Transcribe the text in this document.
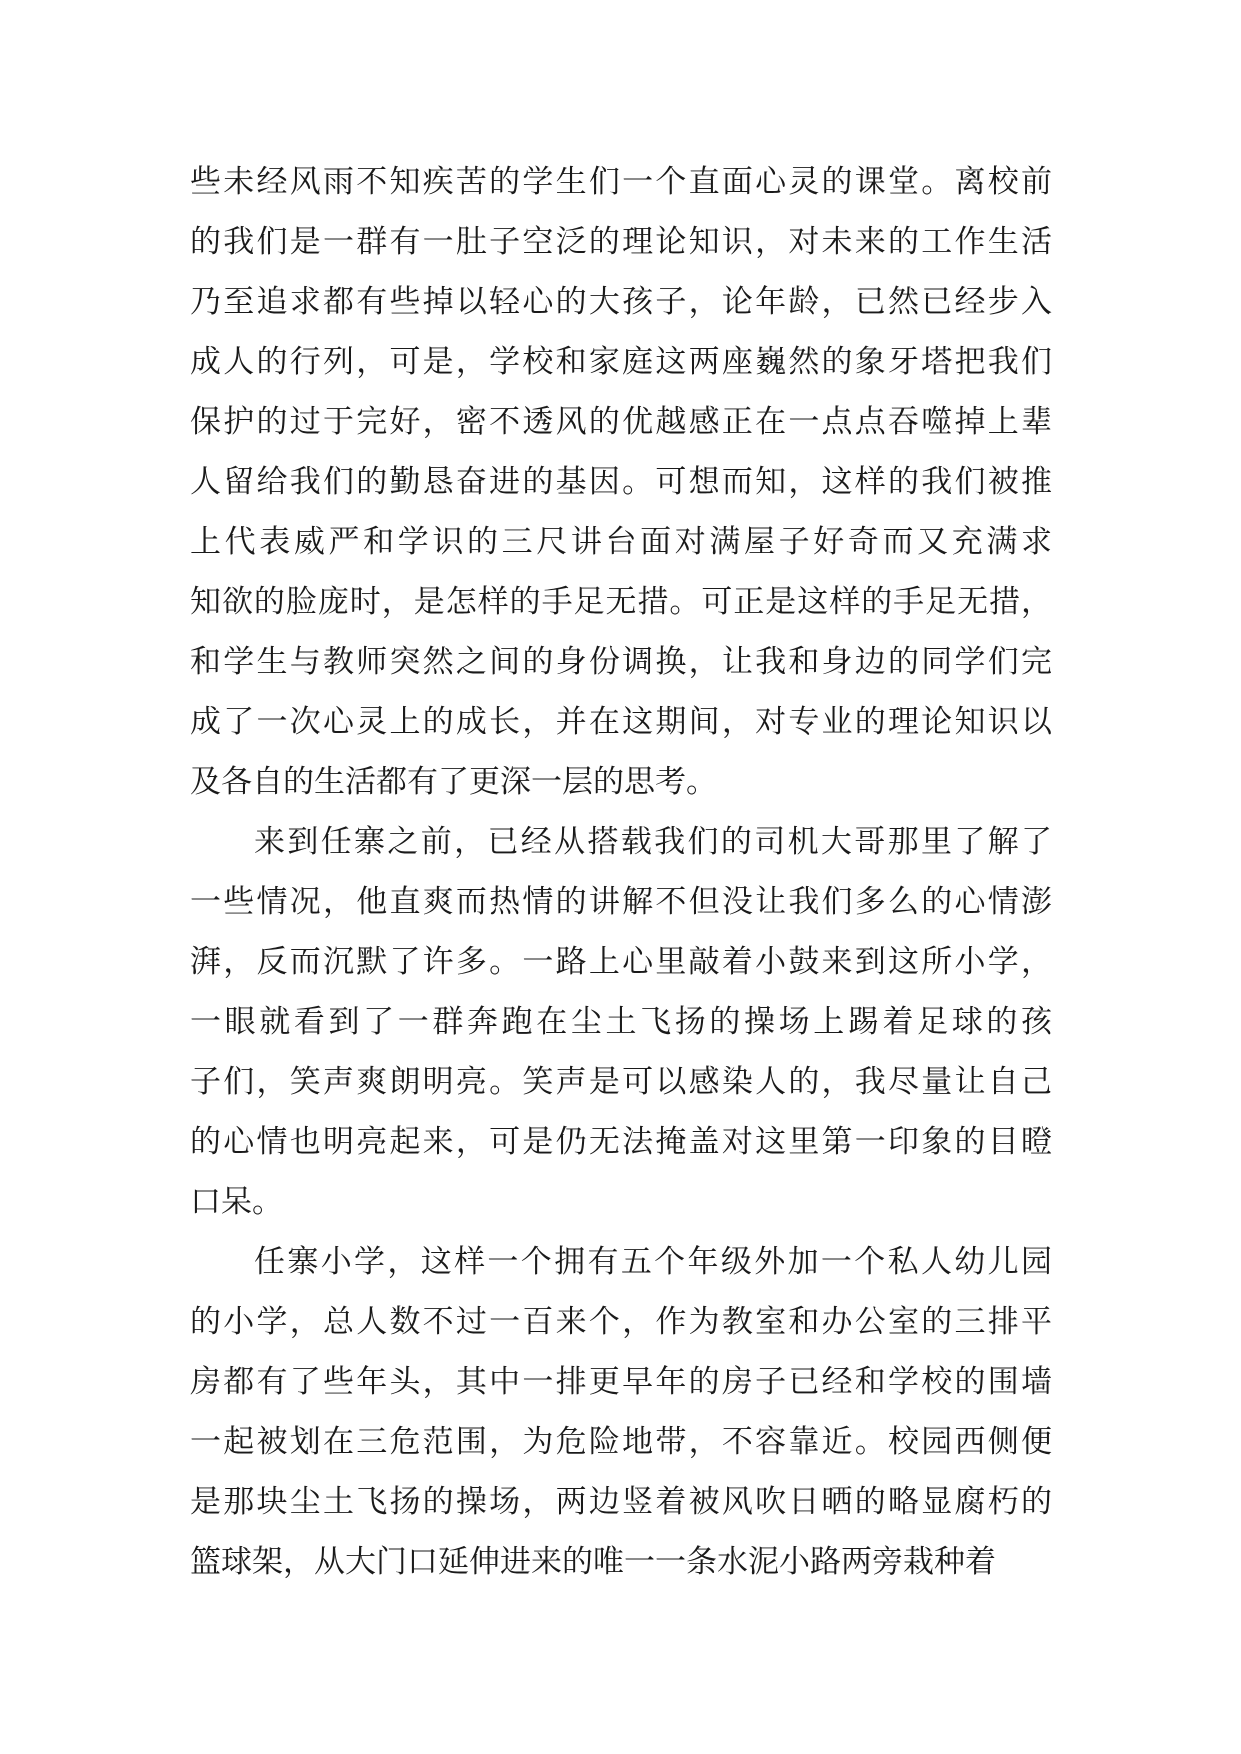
些未经风雨不知疾苦的学生们一个直面心灵的课堂。离校前
的我们是一群有一肚子空泛的理论知识，对未来的工作生活
乃至追求都有些掉以轻心的大孩子，论年龄，已然已经步入
成人的行列，可是，学校和家庭这两座巍然的象牙塔把我们
保护的过于完好，密不透风的优越感正在一点点吞噬掉上辈
人留给我们的勤恳奋进的基因。可想而知，这样的我们被推
上代表威严和学识的三尺讲台面对满屋子好奇而又充满求
知欲的脸庞时，是怎样的手足无措。可正是这样的手足无措，
和学生与教师突然之间的身份调换，让我和身边的同学们完
成了一次心灵上的成长，并在这期间，对专业的理论知识以
及各自的生活都有了更深一层的思考。
来到任寨之前，已经从搭载我们的司机大哥那里了解了
一些情况，他直爽而热情的讲解不但没让我们多么的心情澎
湃，反而沉默了许多。一路上心里敲着小鼓来到这所小学，
一眼就看到了一群奔跑在尘土飞扬的操场上踢着足球的孩
子们，笑声爽朗明亮。笑声是可以感染人的，我尽量让自己
的心情也明亮起来，可是仍无法掩盖对这里第一印象的目瞪
口呆。
任寨小学，这样一个拥有五个年级外加一个私人幼儿园
的小学，总人数不过一百来个，作为教室和办公室的三排平
房都有了些年头，其中一排更早年的房子已经和学校的围墙
一起被划在三危范围，为危险地带，不容靠近。校园西侧便
是那块尘土飞扬的操场，两边竖着被风吹日晒的略显腐朽的
篮球架，从大门口延伸进来的唯一一条水泥小路两旁栽种着
